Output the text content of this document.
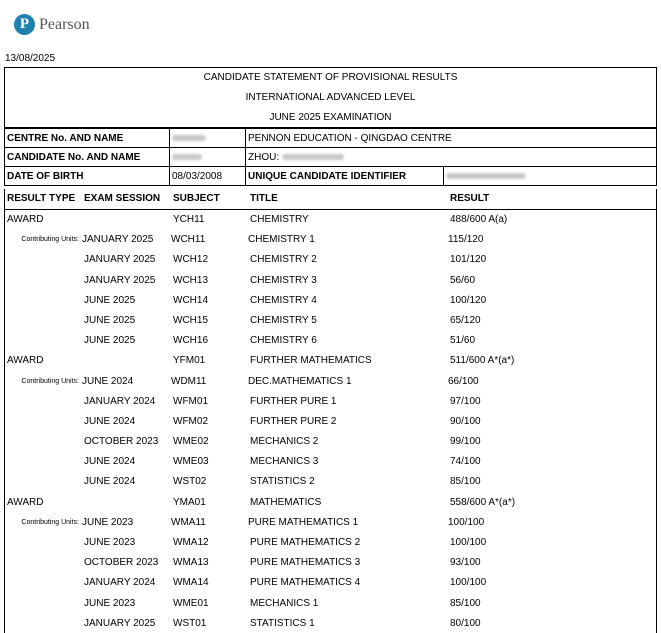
P Pearson
13/08/2025
CANDIDATE STATEMENT OF PROVISIONAL RESULTS
INTERNATIONAL ADVANCED LEVEL
JUNE 2025 EXAMINATION
CENTRE No. AND NAME		PENNON EDUCATION - QINGDAO CENTRE	
CANDIDATE No. AND NAME		ZHOU:	
DATE OF BIRTH	08/03/2008	UNIQUE CANDIDATE IDENTIFIER	
RESULT TYPE EXAM SESSION	SUBJECT	TITLE	RESULT
AWARD	YCH11	CHEMISTRY	488/600 A(a)
Contributing Units: JANUARY 2025	WCH11	CHEMISTRY 1	115/120
JANUARY 2025	WCH12	CHEMISTRY 2	101/120
JANUARY 2025	WCH13	CHEMISTRY 3	56/60
JUNE 2025	WCH14	CHEMISTRY 4	100/120
JUNE 2025	WCH15	CHEMISTRY 5	65/120
JUNE 2025	WCH16	CHEMISTRY 6	51/60
AWARD	YFM01	FURTHER MATHEMATICS	511/600 A*(a*)
Contributing Units: JUNE 2024	WDM11	DEC.MATHEMATICS 1	66/100
JANUARY 2024	WFM01	FURTHER PURE 1	97/100
JUNE 2024	WFM02	FURTHER PURE 2	90/100
OCTOBER 2023	WME02	MECHANICS 2	99/100
JUNE 2024	WME03	MECHANICS 3	74/100
JUNE 2024	WST02	STATISTICS 2	85/100
AWARD	YMA01	MATHEMATICS	558/600 A*(a*)
Contributing Units: JUNE 2023	WMA11	PURE MATHEMATICS 1	100/100
JUNE 2023	WMA12	PURE MATHEMATICS 2	100/100
OCTOBER 2023	WMA13	PURE MATHEMATICS 3	93/100
JANUARY 2024	WMA14	PURE MATHEMATICS 4	100/100
JUNE 2023	WME01	MECHANICS 1	85/100
JANUARY 2025	WST01	STATISTICS 1	80/100
